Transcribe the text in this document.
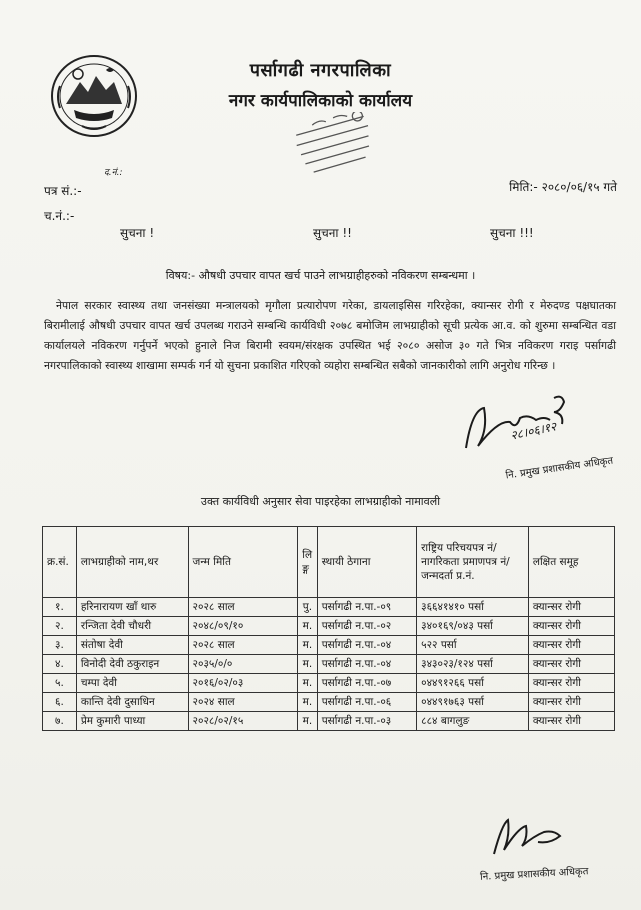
पर्सागढी नगरपालिका
नगर कार्यपालिकाको कार्यालय
द.नं.:
पत्र सं.:-
च.नं.:-
मिति:- २०८०/०६/१५ गते
सुचना !	सुचना !!	सुचना !!!
विषय:- औषधी उपचार वापत खर्च पाउने लाभग्राहीहरुको नविकरण सम्बन्धमा ।
नेपाल सरकार स्वास्थ्य तथा जनसंख्या मन्त्रालयको मृगौला प्रत्यारोपण गरेका, डायलाइसिस गरिरहेका, क्यान्सर रोगी र मेरुदण्ड पक्षघातका बिरामीलाई औषधी उपचार वापत खर्च उपलब्ध गराउने सम्बन्धि कार्यविधी २०७८ बमोजिम लाभग्राहीको सूची प्रत्येक आ.व. को शुरुमा सम्बन्धित वडा कार्यालयले नविकरण गर्नुपर्ने भएको हुनाले निज बिरामी स्वयम/संरक्षक उपस्थित भई २०८० असोज ३० गते भित्र नविकरण गराइ पर्सागढी नगरपालिकाको स्वास्थ्य शाखामा सम्पर्क गर्न यो सुचना प्रकाशित गरिएको व्यहोरा सम्बन्धित सबैको जानकारीको लागि अनुरोध गरिन्छ ।
२८।०६।१२
नि. प्रमुख प्रशासकीय अधिकृत
उक्त कार्यविधी अनुसार सेवा पाइरहेका लाभग्राहीको नामावली
क्र.सं.	लाभग्राहीको नाम,थर	जन्म मिति	लि ङ्ग	स्थायी ठेगाना	राष्ट्रिय परिचयपत्र नं/नागरिकता प्रमाणपत्र नं/जन्मदर्ता प्र.नं.	लक्षित समूह
१.	हरिनारायण खाँ थारु	२०२८ साल	पु.	पर्सागढी न.पा.-०९	३६६४१४१० पर्सा	क्यान्सर रोगी
२.	रन्जिता देवी चौधरी	२०४८/०९/१०	म.	पर्सागढी न.पा.-०२	३४०१६९/०४३ पर्सा	क्यान्सर रोगी
३.	संतोषा देवी	२०२८ साल	म.	पर्सागढी न.पा.-०४	५२२ पर्सा	क्यान्सर रोगी
४.	विनोदी देवी ठकुराइन	२०३५/०/०	म.	पर्सागढी न.पा.-०४	३४३०२३/१२४ पर्सा	क्यान्सर रोगी
५.	चम्पा देवी	२०१६/०२/०३	म.	पर्सागढी न.पा.-०७	०४४९१२६६ पर्सा	क्यान्सर रोगी
६.	कान्ति देवी दुसाधिन	२०२४ साल	म.	पर्सागढी न.पा.-०६	०४४९१७६३ पर्सा	क्यान्सर रोगी
७.	प्रेम कुमारी पाध्या	२०२८/०२/१५	म.	पर्सागढी न.पा.-०३	८८४ बागलुङ	क्यान्सर रोगी
नि. प्रमुख प्रशासकीय अधिकृत
